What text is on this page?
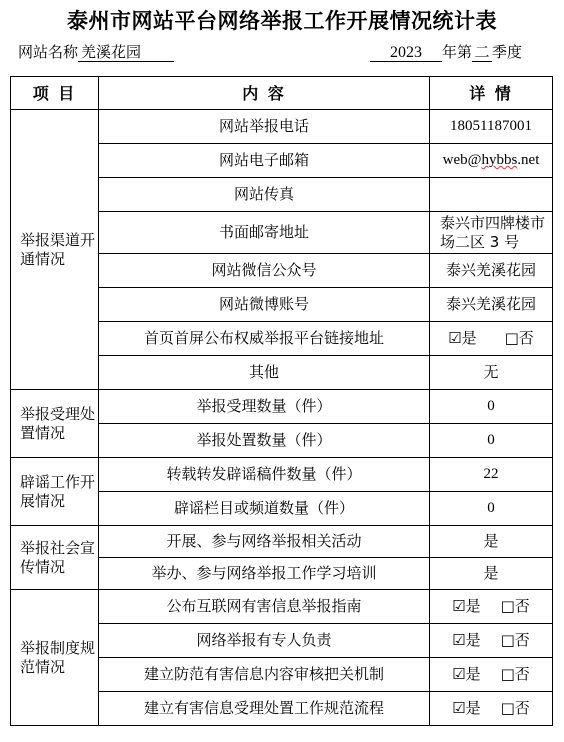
泰州市网站平台网络举报工作开展情况统计表
网站名称 羌溪花园	2023 年第 二 季度
项 目	内 容	详 情
举报渠道开通情况	网站举报电话	18051187001
	网站电子邮箱	web@hybbs.net
	网站传真	
	书面邮寄地址	泰兴市四牌楼市场二区 3 号
	网站微信公众号	泰兴羌溪花园
	网站微博账号	泰兴羌溪花园
	首页首屏公布权威举报平台链接地址	☑是 □否
	其他	无
举报受理处置情况	举报受理数量（件）	0
	举报处置数量（件）	0
辟谣工作开展情况	转载转发辟谣稿件数量（件）	22
	辟谣栏目或频道数量（件）	0
举报社会宣传情况	开展、参与网络举报相关活动	是
	举办、参与网络举报工作学习培训	是
举报制度规范情况	公布互联网有害信息举报指南	☑是 □否
	网络举报有专人负责	☑是 □否
	建立防范有害信息内容审核把关机制	☑是 □否
	建立有害信息受理处置工作规范流程	☑是 □否
